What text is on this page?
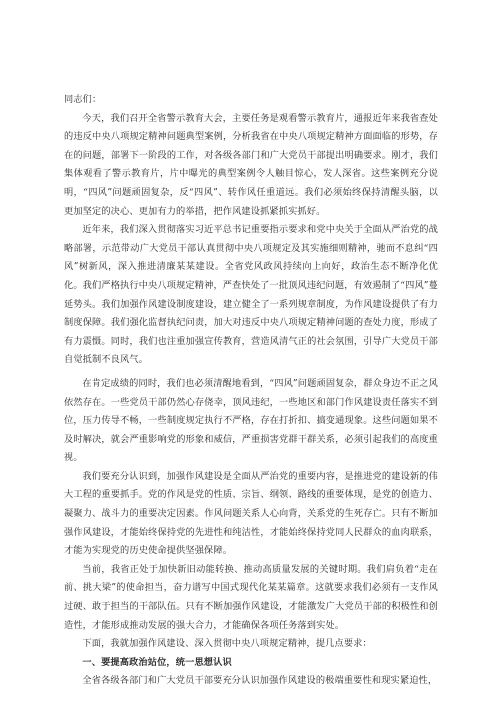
同志们：

今天，我们召开全省警示教育大会，主要任务是观看警示教育片，通报近年来我省查处的违反中央八项规定精神问题典型案例，分析我省在中央八项规定精神方面面临的形势，存在的问题，部署下一阶段的工作，对各级各部门和广大党员干部提出明确要求。刚才，我们集体观看了警示教育片，片中曝光的典型案例令人触目惊心，发人深省。这些案例充分说明，“四风”问题顽固复杂，反“四风”、转作风任重道远。我们必须始终保持清醒头脑，以更加坚定的决心、更加有力的举措，把作风建设抓紧抓实抓好。

近年来，我们深入贯彻落实习近平总书记重要指示要求和党中央关于全面从严治党的战略部署，示范带动广大党员干部认真贯彻中央八项规定及其实施细则精神，驰而不息纠“四风”树新风，深入推进清廉某某建设。全省党风政风持续向上向好，政治生态不断净化优化。我们严格执行中央八项规定精神，严查快处了一批顶风违纪问题，有效遏制了“四风”蔓延势头。我们加强作风建设制度建设，建立健全了一系列规章制度，为作风建设提供了有力制度保障。我们强化监督执纪问责，加大对违反中央八项规定精神问题的查处力度，形成了有力震慑。同时，我们也注重加强宣传教育，营造风清气正的社会氛围，引导广大党员干部自觉抵制不良风气。

在肯定成绩的同时，我们也必须清醒地看到，“四风”问题顽固复杂，群众身边不正之风依然存在。一些党员干部仍然心存侥幸，顶风违纪，一些地区和部门作风建设责任落实不到位，压力传导不畅，一些制度规定执行不严格，存在打折扣、搞变通现象。这些问题如果不及时解决，就会严重影响党的形象和威信，严重损害党群干群关系，必须引起我们的高度重视。

我们要充分认识到，加强作风建设是全面从严治党的重要内容，是推进党的建设新的伟大工程的重要抓手。党的作风是党的性质、宗旨、纲领、路线的重要体现，是党的创造力、凝聚力、战斗力的重要决定因素。作风问题关系人心向背，关系党的生死存亡。只有不断加强作风建设，才能始终保持党的先进性和纯洁性，才能始终保持党同人民群众的血肉联系，才能为实现党的历史使命提供坚强保障。

当前，我省正处于加快新旧动能转换、推动高质量发展的关键时期。我们肩负着“走在前、挑大梁”的使命担当，奋力谱写中国式现代化某某篇章。这就要求我们必须有一支作风过硬、敢于担当的干部队伍。只有不断加强作风建设，才能激发广大党员干部的积极性和创造性，才能形成推动发展的强大合力，才能确保各项任务落到实处。

下面，我就加强作风建设、深入贯彻中央八项规定精神，提几点要求：

一、要提高政治站位，统一思想认识

全省各级各部门和广大党员干部要充分认识加强作风建设的极端重要性和现实紧迫性，
